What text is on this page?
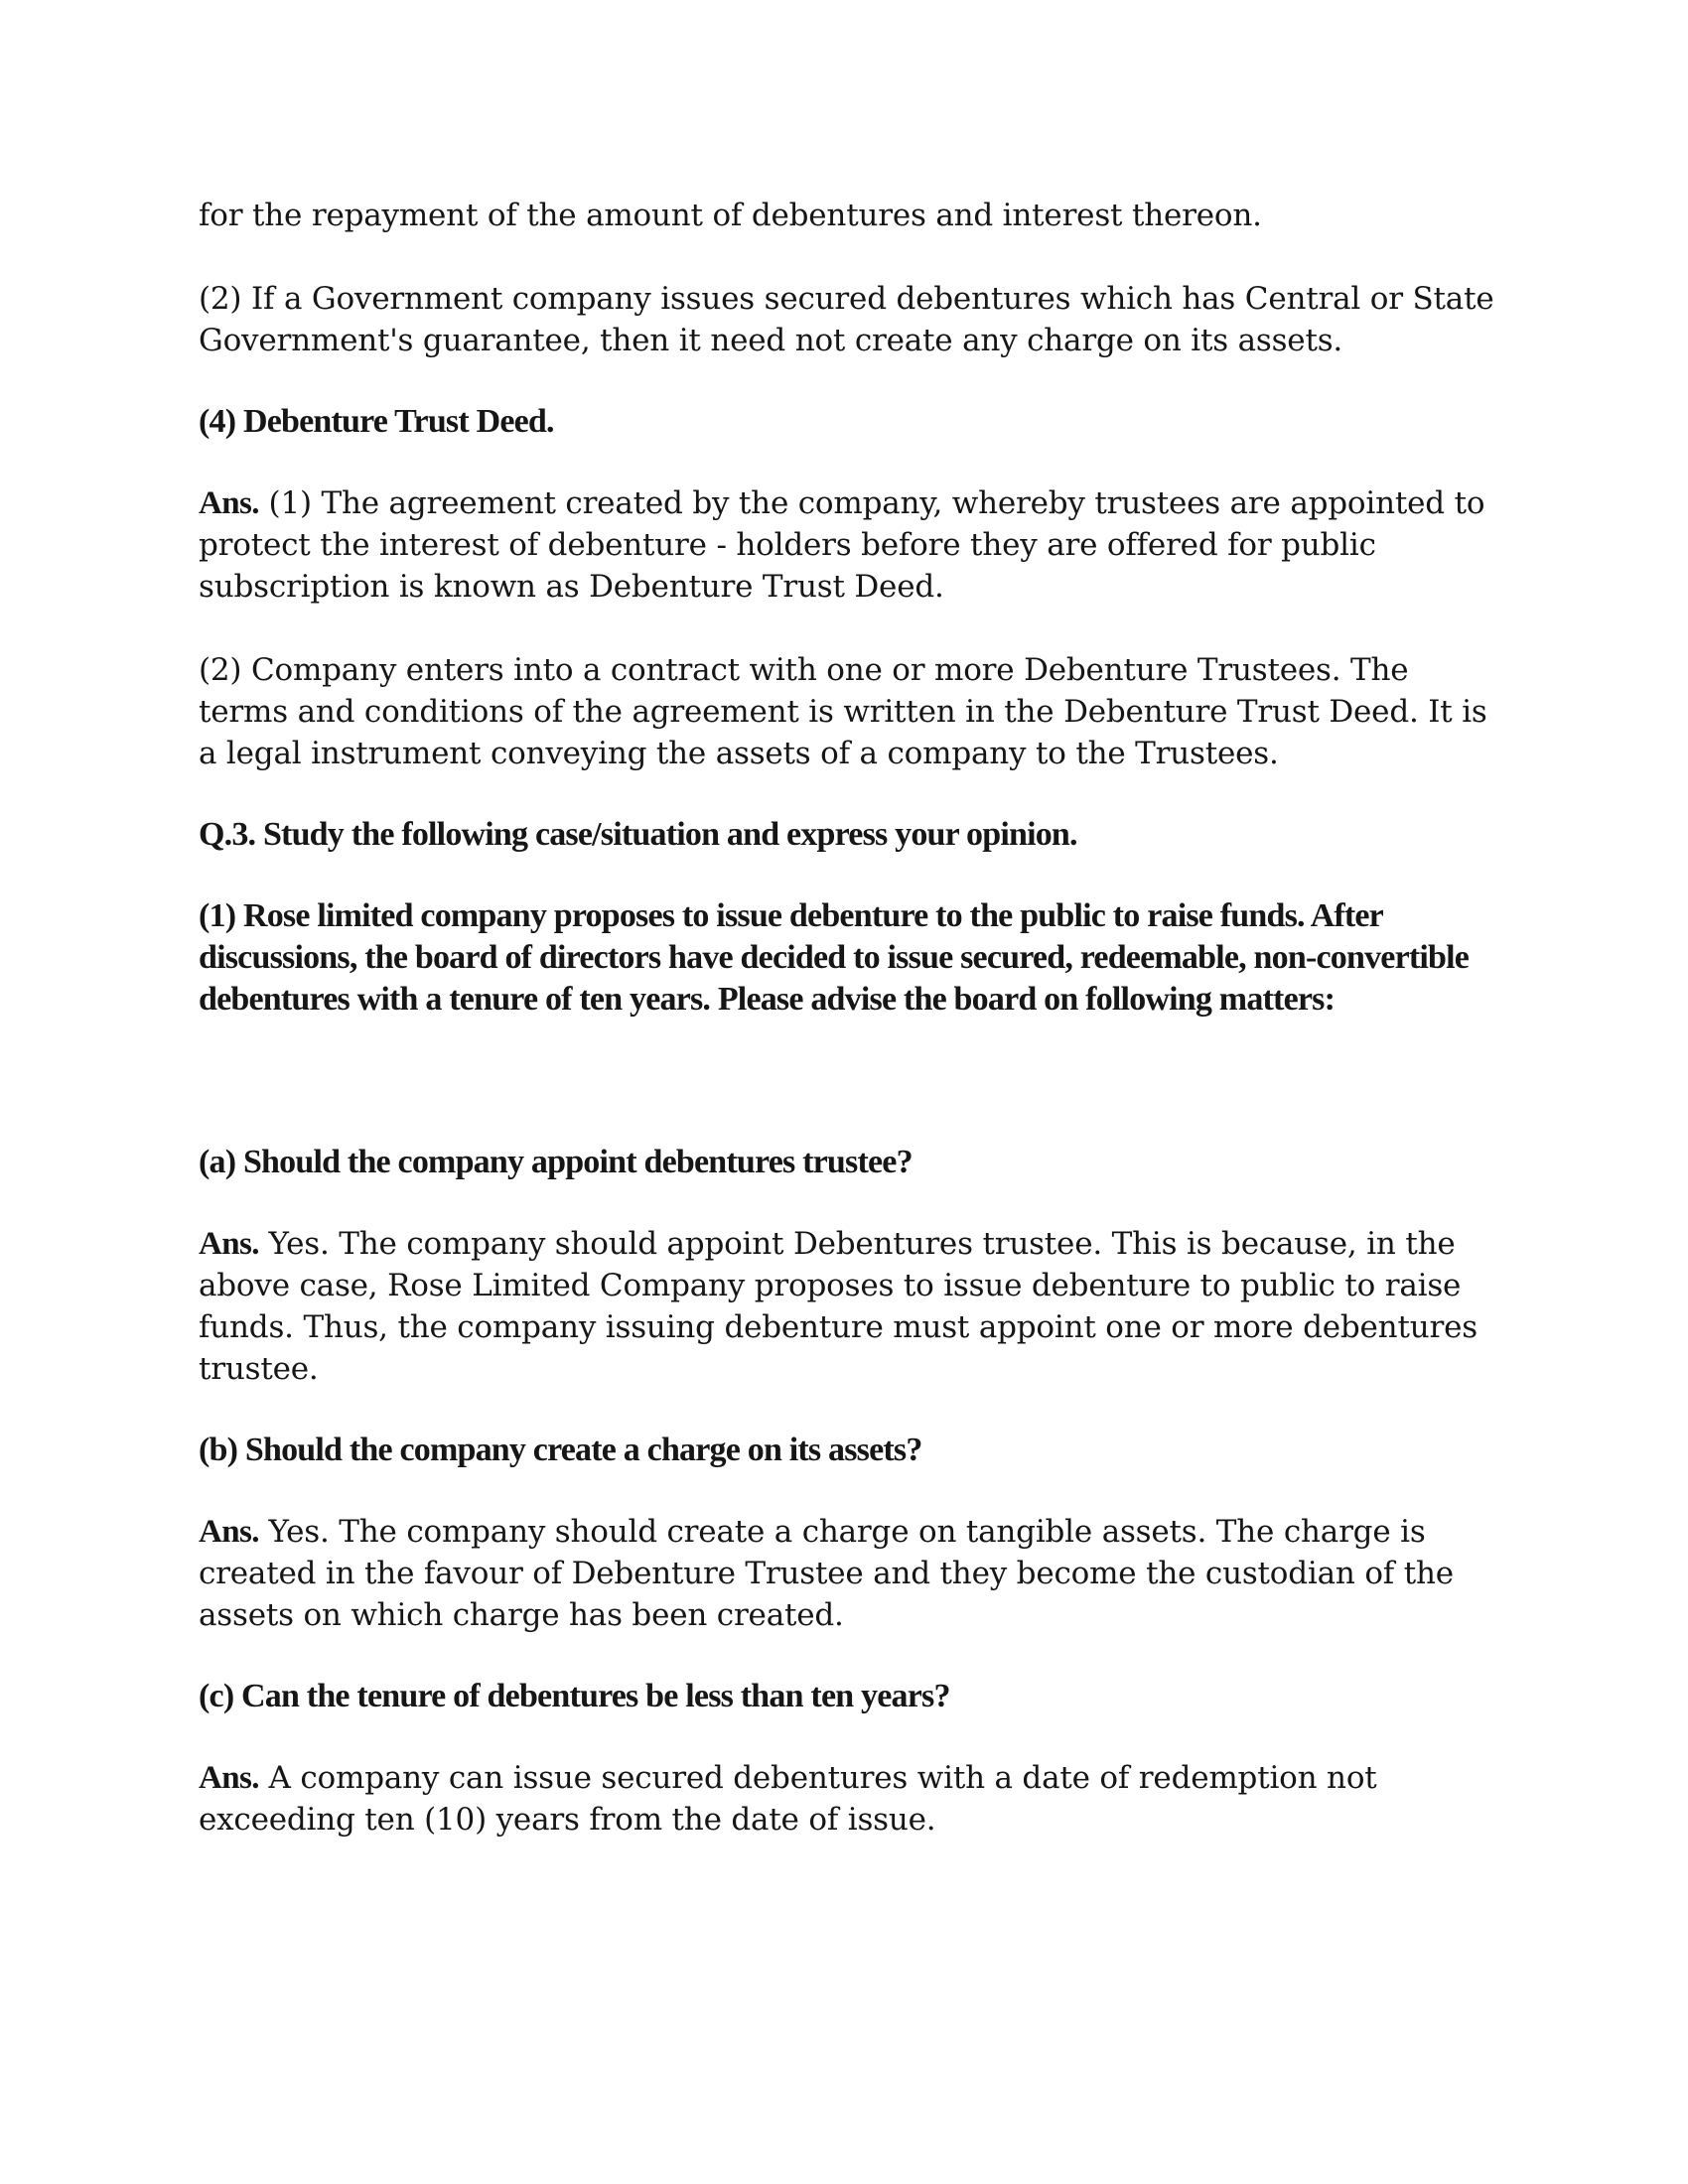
for the repayment of the amount of debentures and interest thereon.

(2) If a Government company issues secured debentures which has Central or State Government's guarantee, then it need not create any charge on its assets.

(4) Debenture Trust Deed.

Ans. (1) The agreement created by the company, whereby trustees are appointed to protect the interest of debenture - holders before they are offered for public subscription is known as Debenture Trust Deed.

(2) Company enters into a contract with one or more Debenture Trustees. The terms and conditions of the agreement is written in the Debenture Trust Deed. It is a legal instrument conveying the assets of a company to the Trustees.

Q.3. Study the following case/situation and express your opinion.

(1) Rose limited company proposes to issue debenture to the public to raise funds. After discussions, the board of directors have decided to issue secured, redeemable, non-convertible debentures with a tenure of ten years. Please advise the board on following matters:

(a) Should the company appoint debentures trustee?

Ans. Yes. The company should appoint Debentures trustee. This is because, in the above case, Rose Limited Company proposes to issue debenture to public to raise funds. Thus, the company issuing debenture must appoint one or more debentures trustee.

(b) Should the company create a charge on its assets?

Ans. Yes. The company should create a charge on tangible assets. The charge is created in the favour of Debenture Trustee and they become the custodian of the assets on which charge has been created.

(c) Can the tenure of debentures be less than ten years?

Ans. A company can issue secured debentures with a date of redemption not exceeding ten (10) years from the date of issue.
